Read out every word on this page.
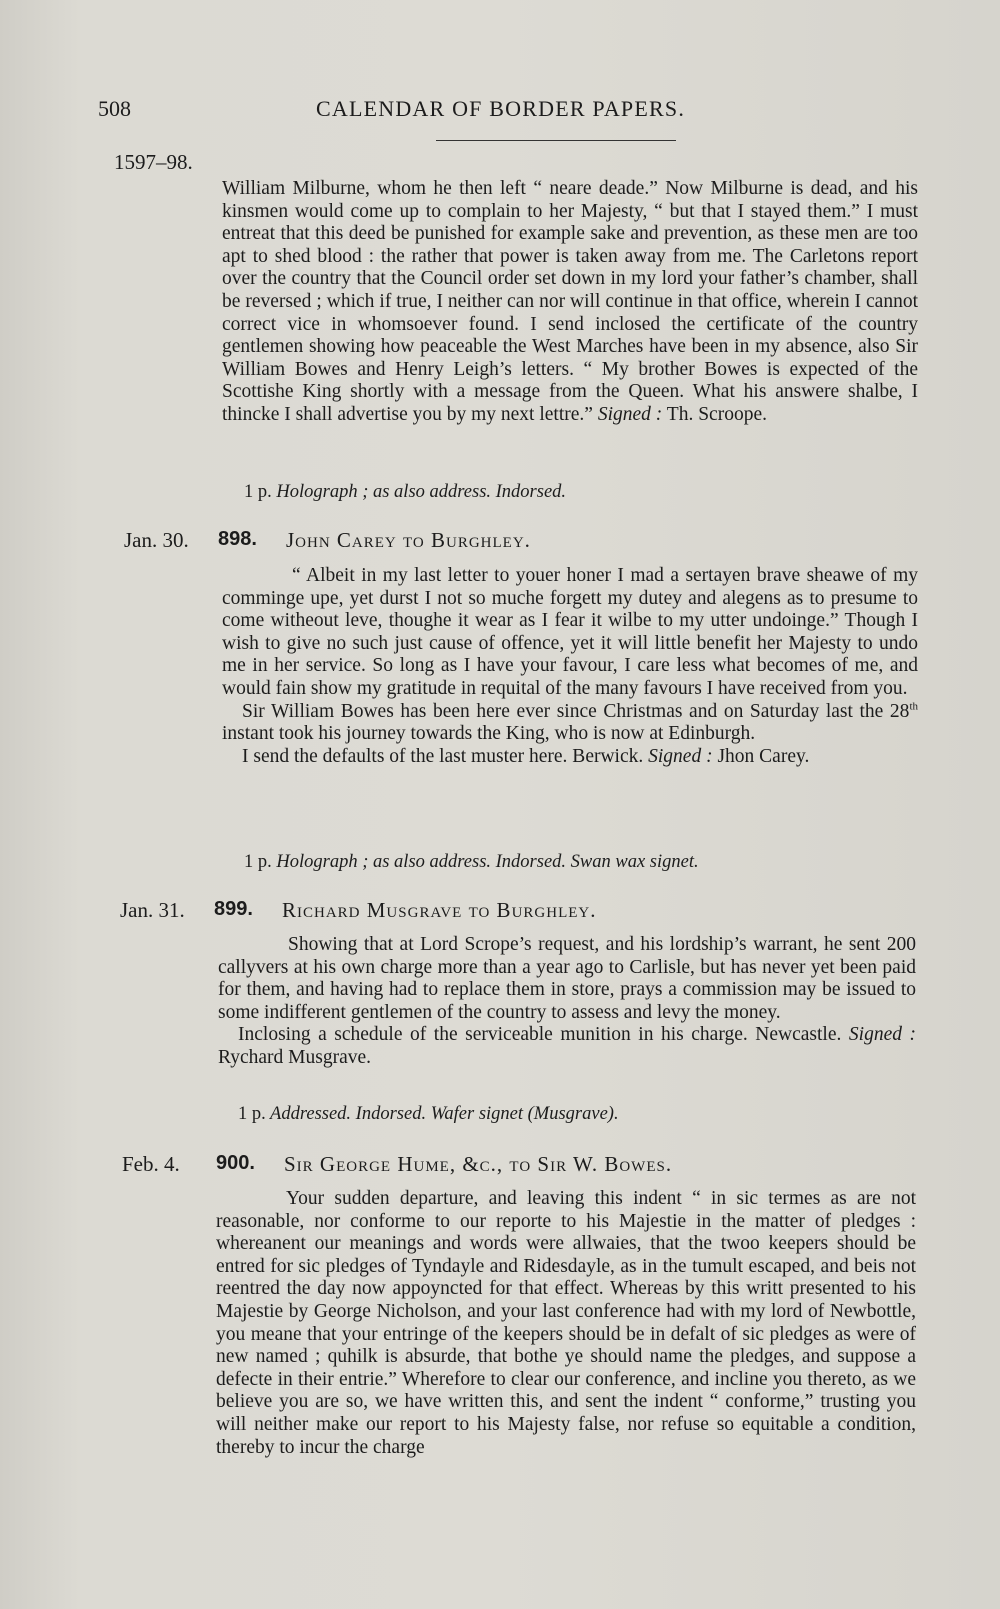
508	CALENDAR OF BORDER PAPERS.
1597–98.

William Milburne, whom he then left “ neare deade.” Now Milburne is dead, and his kinsmen would come up to complain to her Majesty, “ but that I stayed them.” I must entreat that this deed be punished for example sake and prevention, as these men are too apt to shed blood : the rather that power is taken away from me. The Carletons report over the country that the Council order set down in my lord your father’s chamber, shall be reversed ; which if true, I neither can nor will continue in that office, wherein I cannot correct vice in whomsoever found. I send inclosed the certificate of the country gentlemen showing how peaceable the West Marches have been in my absence, also Sir William Bowes and Henry Leigh’s letters. “ My brother Bowes is expected of the Scottishe King shortly with a message from the Queen. What his answere shalbe, I thincke I shall advertise you by my next lettre.” Signed : Th. Scroope.

1 p. Holograph ; as also address. Indorsed.
Jan. 30. 898. John Carey to Burghley.

“ Albeit in my last letter to youer honer I mad a sertayen brave sheawe of my comminge upe, yet durst I not so muche forgett my dutey and alegens as to presume to come witheout leve, thoughe it wear as I fear it wilbe to my utter undoinge.” Though I wish to give no such just cause of offence, yet it will little benefit her Majesty to undo me in her service. So long as I have your favour, I care less what becomes of me, and would fain show my gratitude in requital of the many favours I have received from you.

Sir William Bowes has been here ever since Christmas and on Saturday last the 28th instant took his journey towards the King, who is now at Edinburgh.

I send the defaults of the last muster here. Berwick. Signed : Jhon Carey.

1 p. Holograph ; as also address. Indorsed. Swan wax signet.
Jan. 31. 899. Richard Musgrave to Burghley.

Showing that at Lord Scrope’s request, and his lordship’s warrant, he sent 200 callyvers at his own charge more than a year ago to Carlisle, but has never yet been paid for them, and having had to replace them in store, prays a commission may be issued to some indifferent gentlemen of the country to assess and levy the money.

Inclosing a schedule of the serviceable munition in his charge. Newcastle. Signed : Rychard Musgrave.

1 p. Addressed. Indorsed. Wafer signet (Musgrave).
Feb. 4. 900. Sir George Hume, &c., to Sir W. Bowes.

Your sudden departure, and leaving this indent “ in sic termes as are not reasonable, nor conforme to our reporte to his Majestie in the matter of pledges : whereanent our meanings and words were allwaies, that the twoo keepers should be entred for sic pledges of Tyndayle and Ridesdayle, as in the tumult escaped, and beis not reentred the day now appoyncted for that effect. Whereas by this writt presented to his Majestie by George Nicholson, and your last conference had with my lord of Newbottle, you meane that your entringe of the keepers should be in defalt of sic pledges as were of new named ; quhilk is absurde, that bothe ye should name the pledges, and suppose a defecte in their entrie.” Wherefore to clear our conference, and incline you thereto, as we believe you are so, we have written this, and sent the indent “ conforme,” trusting you will neither make our report to his Majesty false, nor refuse so equitable a condition, thereby to incur the charge
